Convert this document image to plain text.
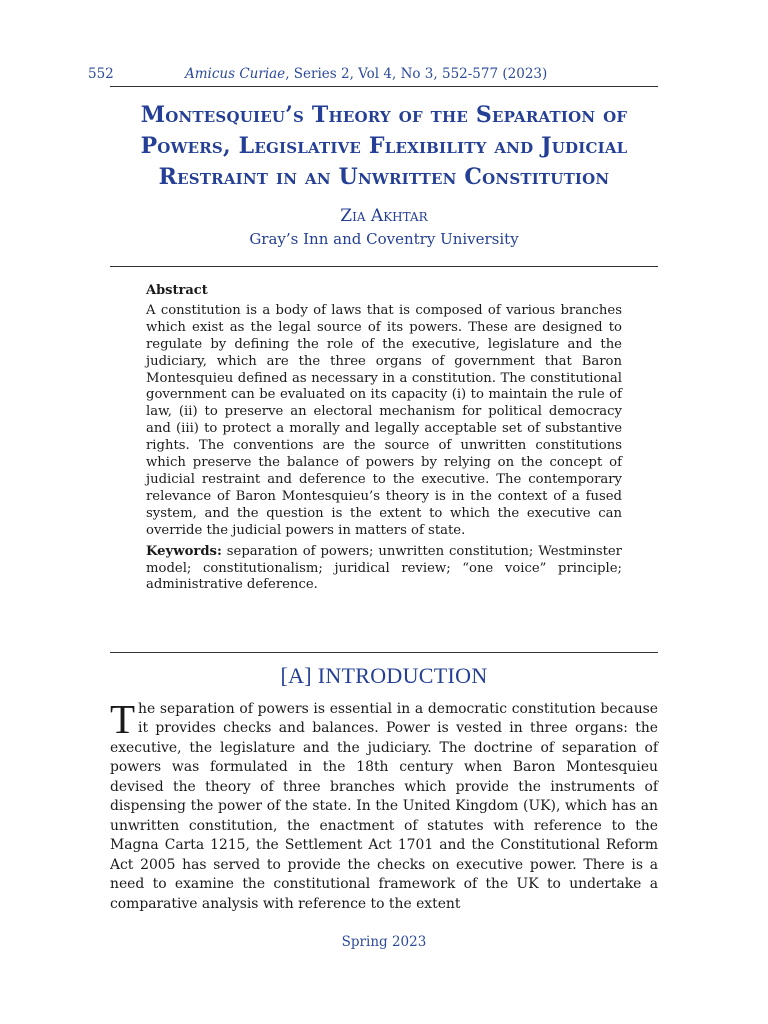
552	Amicus Curiae, Series 2, Vol 4, No 3, 552-577 (2023)
Montesquieu’s Theory of the Separation of Powers, Legislative Flexibility and Judicial Restraint in an Unwritten Constitution
Zia Akhtar
Gray’s Inn and Coventry University
Abstract

A constitution is a body of laws that is composed of various branches which exist as the legal source of its powers. These are designed to regulate by defining the role of the executive, legislature and the judiciary, which are the three organs of government that Baron Montesquieu defined as necessary in a constitution. The constitutional government can be evaluated on its capacity (i) to maintain the rule of law, (ii) to preserve an electoral mechanism for political democracy and (iii) to protect a morally and legally acceptable set of substantive rights. The conventions are the source of unwritten constitutions which preserve the balance of powers by relying on the concept of judicial restraint and deference to the executive. The contemporary relevance of Baron Montesquieu’s theory is in the context of a fused system, and the question is the extent to which the executive can override the judicial powers in matters of state.

Keywords: separation of powers; unwritten constitution; Westminster model; constitutionalism; juridical review; “one voice” principle; administrative deference.

[A] INTRODUCTION

The separation of powers is essential in a democratic constitution because it provides checks and balances. Power is vested in three organs: the executive, the legislature and the judiciary. The doctrine of separation of powers was formulated in the 18th century when Baron Montesquieu devised the theory of three branches which provide the instruments of dispensing the power of the state. In the United Kingdom (UK), which has an unwritten constitution, the enactment of statutes with reference to the Magna Carta 1215, the Settlement Act 1701 and the Constitutional Reform Act 2005 has served to provide the checks on executive power. There is a need to examine the constitutional framework of the UK to undertake a comparative analysis with reference to the extent

Spring 2023
